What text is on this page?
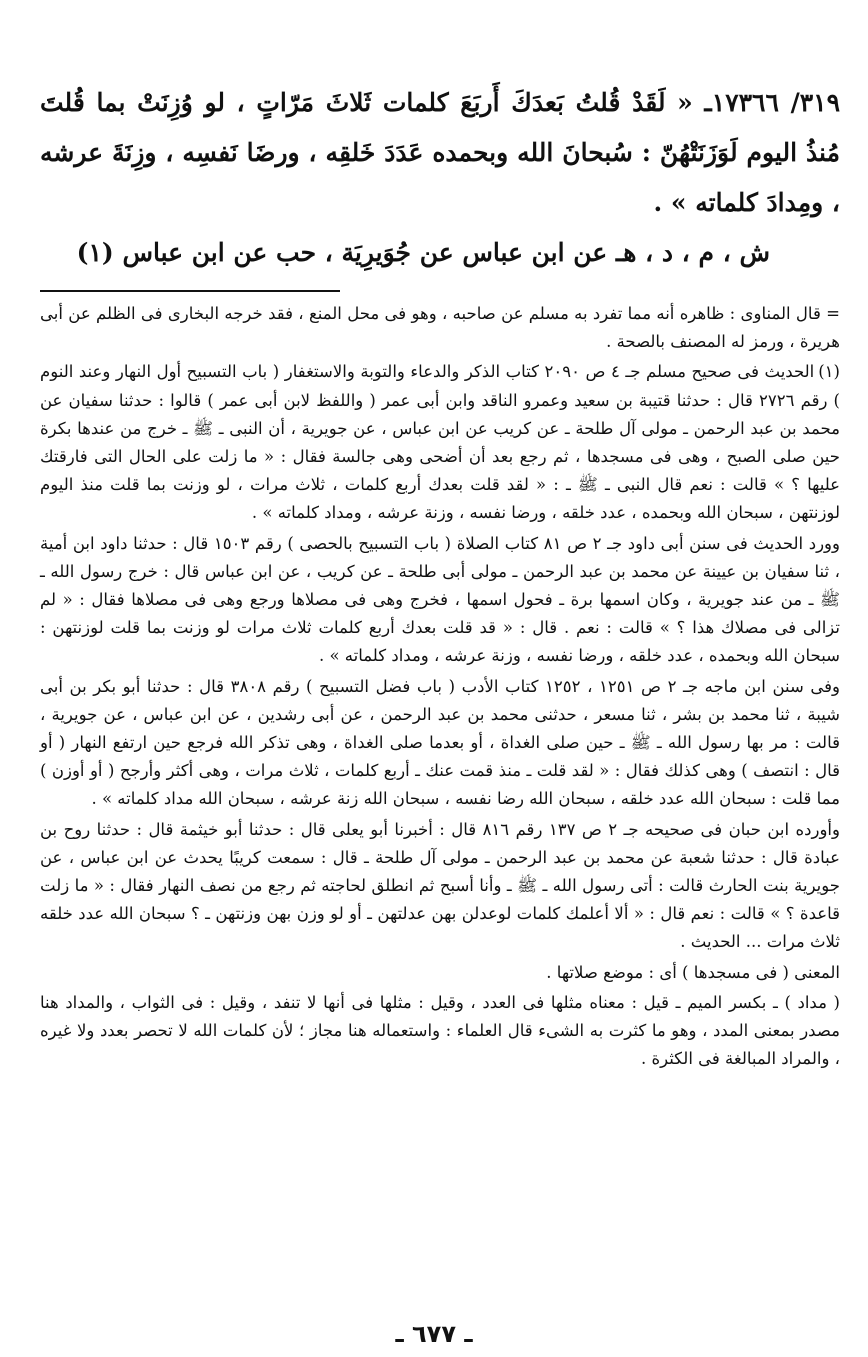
٣١٩/ ١٧٣٦٦ـ « لَقَدْ قُلتُ بَعدَكَ أَربَعَ كلمات ثَلاثَ مَرّاتٍ ، لو وُزِنَتْ بما قُلتَ مُنذُ اليوم لَوَزَنَتْهُنّ : سُبحانَ الله وبحمده عَدَدَ خَلقِه ، ورضَا نَفسِه ، وزِنَةَ عرشه ، ومِدادَ كلماته » .

ش ، م ، د ، هـ عن ابن عباس عن جُوَيرِيَة ، حب عن ابن عباس (١)

= قال المناوى : ظاهره أنه مما تفرد به مسلم عن صاحبه ، وهو فى محل المنع ، فقد خرجه البخارى فى الظلم عن أبى هريرة ، ورمز له المصنف بالصحة .

(١)الحديث فى صحيح مسلم جـ ٤ ص ٢٠٩٠ كتاب الذكر والدعاء والتوبة والاستغفار ( باب التسبيح أول النهار وعند النوم ) رقم ٢٧٢٦ قال : حدثنا قتيبة بن سعيد وعمرو الناقد وابن أبى عمر ( واللفظ لابن أبى عمر ) قالوا : حدثنا سفيان عن محمد بن عبد الرحمن ـ مولى آل طلحة ـ عن كريب عن ابن عباس ، عن جويرية ، أن النبى ـ ﷺ ـ خرج من عندها بكرة حين صلى الصبح ، وهى فى مسجدها ، ثم رجع بعد أن أضحى وهى جالسة فقال : « ما زلت على الحال التى فارقتك عليها ؟ » قالت : نعم قال النبى ـ ﷺ ـ : « لقد قلت بعدك أربع كلمات ، ثلاث مرات ، لو وزنت بما قلت منذ اليوم لوزنتهن ، سبحان الله وبحمده ، عدد خلقه ، ورضا نفسه ، وزنة عرشه ، ومداد كلماته » .

وورد الحديث فى سنن أبى داود جـ ٢ ص ٨١ كتاب الصلاة ( باب التسبيح بالحصى ) رقم ١٥٠٣ قال : حدثنا داود ابن أمية ، ثنا سفيان بن عيينة عن محمد بن عبد الرحمن ـ مولى أبى طلحة ـ عن كريب ، عن ابن عباس قال : خرج رسول الله ـ ﷺ ـ من عند جويرية ، وكان اسمها برة ـ فحول اسمها ، فخرج وهى فى مصلاها ورجع وهى فى مصلاها فقال : « لم تزالى فى مصلاك هذا ؟ » قالت : نعم . قال : « قد قلت بعدك أربع كلمات ثلاث مرات لو وزنت بما قلت لوزنتهن : سبحان الله وبحمده ، عدد خلقه ، ورضا نفسه ، وزنة عرشه ، ومداد كلماته » .

وفى سنن ابن ماجه جـ ٢ ص ١٢٥١ ، ١٢٥٢ كتاب الأدب ( باب فضل التسبيح ) رقم ٣٨٠٨ قال : حدثنا أبو بكر بن أبى شيبة ، ثنا محمد بن بشر ، ثنا مسعر ، حدثنى محمد بن عبد الرحمن ، عن أبى رشدين ، عن ابن عباس ، عن جويرية ، قالت : مر بها رسول الله ـ ﷺ ـ حين صلى الغداة ، أو بعدما صلى الغداة ، وهى تذكر الله فرجع حين ارتفع النهار ( أو قال : انتصف ) وهى كذلك فقال : « لقد قلت ـ منذ قمت عنك ـ أربع كلمات ، ثلاث مرات ، وهى أكثر وأرجح ( أو أوزن ) مما قلت : سبحان الله عدد خلقه ، سبحان الله رضا نفسه ، سبحان الله زنة عرشه ، سبحان الله مداد كلماته » .

وأورده ابن حبان فى صحيحه جـ ٢ ص ١٣٧ رقم ٨١٦ قال : أخبرنا أبو يعلى قال : حدثنا أبو خيثمة قال : حدثنا روح بن عبادة قال : حدثنا شعبة عن محمد بن عبد الرحمن ـ مولى آل طلحة ـ قال : سمعت كريبًا يحدث عن ابن عباس ، عن جويرية بنت الحارث قالت : أتى رسول الله ـ ﷺ ـ وأنا أسبح ثم انطلق لحاجته ثم رجع من نصف النهار فقال : « ما زلت قاعدة ؟ » قالت : نعم قال : « ألا أعلمك كلمات لوعدلن بهن عدلتهن ـ أو لو وزن بهن وزنتهن ـ ؟ سبحان الله عدد خلقه ثلاث مرات ... الحديث .

المعنى ( فى مسجدها ) أى : موضع صلاتها .

( مداد ) ـ بكسر الميم ـ قيل : معناه مثلها فى العدد ، وقيل : مثلها فى أنها لا تنفد ، وقيل : فى الثواب ، والمداد هنا مصدر بمعنى المدد ، وهو ما كثرت به الشىء قال العلماء : واستعماله هنا مجاز ؛ لأن كلمات الله لا تحصر بعدد ولا غيره ، والمراد المبالغة فى الكثرة .

ـ ٦٧٧ ـ
